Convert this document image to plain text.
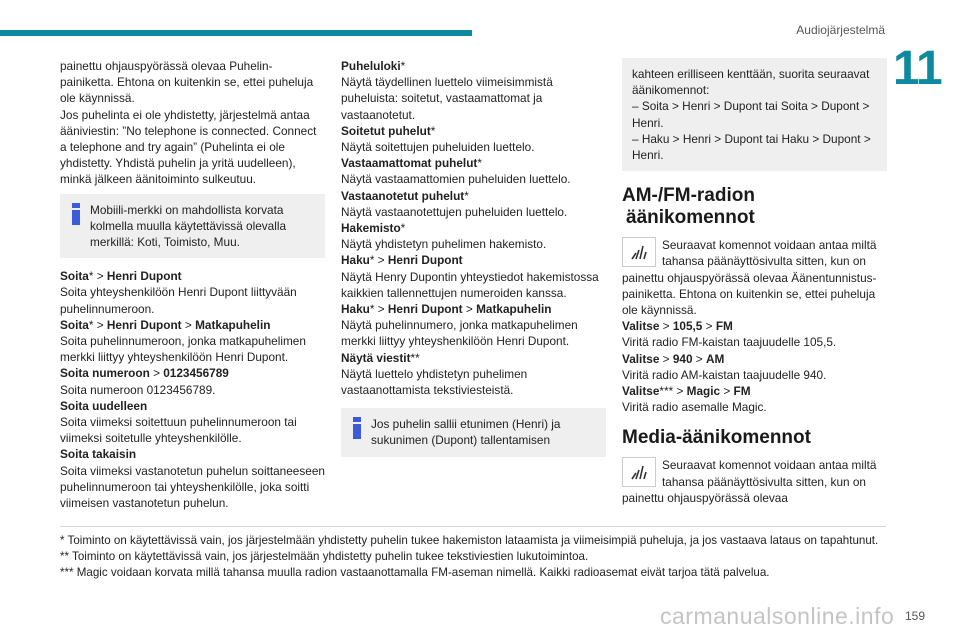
Audiojärjestelmä
11

painettu ohjauspyörässä olevaa Puhelin-painiketta. Ehtona on kuitenkin se, ettei puheluja ole käynnissä.

Jos puhelinta ei ole yhdistetty, järjestelmä antaa ääniviestin: ”No telephone is connected. Connect a telephone and try again” (Puhelinta ei ole yhdistetty. Yhdistä puhelin ja yritä uudelleen), minkä jälkeen äänitoiminto sulkeutuu.

Mobiili-merkki on mahdollista korvata kolmella muulla käytettävissä olevalla merkillä: Koti, Toimisto, Muu.

Soita* > Henri Dupont

Soita yhteyshenkilöön Henri Dupont liittyvään puhelinnumeroon.

Soita* > Henri Dupont > Matkapuhelin

Soita puhelinnumeroon, jonka matkapuhelimen merkki liittyy yhteyshenkilöön Henri Dupont.

Soita numeroon > 0123456789

Soita numeroon 0123456789.

Soita uudelleen

Soita viimeksi soitettuun puhelinnumeroon tai viimeksi soitetulle yhteyshenkilölle.

Soita takaisin

Soita viimeksi vastanotetun puhelun soittaneeseen puhelinnumeroon tai yhteyshenkilölle, joka soitti viimeisen vastanotetun puhelun.

Puheluloki*

Näytä täydellinen luettelo viimeisimmistä puheluista: soitetut, vastaamattomat ja vastaanotetut.

Soitetut puhelut*

Näytä soitettujen puheluiden luettelo.

Vastaamattomat puhelut*

Näytä vastaamattomien puheluiden luettelo.

Vastaanotetut puhelut*

Näytä vastaanotettujen puheluiden luettelo.

Hakemisto*

Näytä yhdistetyn puhelimen hakemisto.

Haku* > Henri Dupont

Näytä Henry Dupontin yhteystiedot hakemistossa kaikkien tallennettujen numeroiden kanssa.

Haku* > Henri Dupont > Matkapuhelin

Näytä puhelinnumero, jonka matkapuhelimen merkki liittyy yhteyshenkilöön Henri Dupont.

Näytä viestit**

Näytä luettelo yhdistetyn puhelimen vastaanottamista tekstiviesteistä.

Jos puhelin sallii etunimen (Henri) ja sukunimen (Dupont) tallentamisen
kahteen erilliseen kenttään, suorita seuraavat äänikomennot:
– Soita > Henri > Dupont tai Soita > Dupont > Henri.
– Haku > Henri > Dupont tai Haku > Dupont > Henri.
AM-/FM-radion
äänikomennot

Seuraavat komennot voidaan antaa miltä tahansa päänäyttösivulta sitten, kun on painettu ohjauspyörässä olevaa Äänentunnistus-painiketta. Ehtona on kuitenkin se, ettei puheluja ole käynnissä.

Valitse > 105,5 > FM

Viritä radio FM-kaistan taajuudelle 105,5.

Valitse > 940 > AM

Viritä radio AM-kaistan taajuudelle 940.

Valitse*** > Magic > FM

Viritä radio asemalle Magic.

Media-äänikomennot

Seuraavat komennot voidaan antaa miltä tahansa päänäyttösivulta sitten, kun on painettu ohjauspyörässä olevaa

* Toiminto on käytettävissä vain, jos järjestelmään yhdistetty puhelin tukee hakemiston lataamista ja viimeisimpiä puheluja, ja jos vastaava lataus on tapahtunut.

** Toiminto on käytettävissä vain, jos järjestelmään yhdistetty puhelin tukee tekstiviestien lukutoimintoa.

*** Magic voidaan korvata millä tahansa muulla radion vastaanottamalla FM-aseman nimellä. Kaikki radioasemat eivät tarjoa tätä palvelua.

carmanualsonline.info 159
